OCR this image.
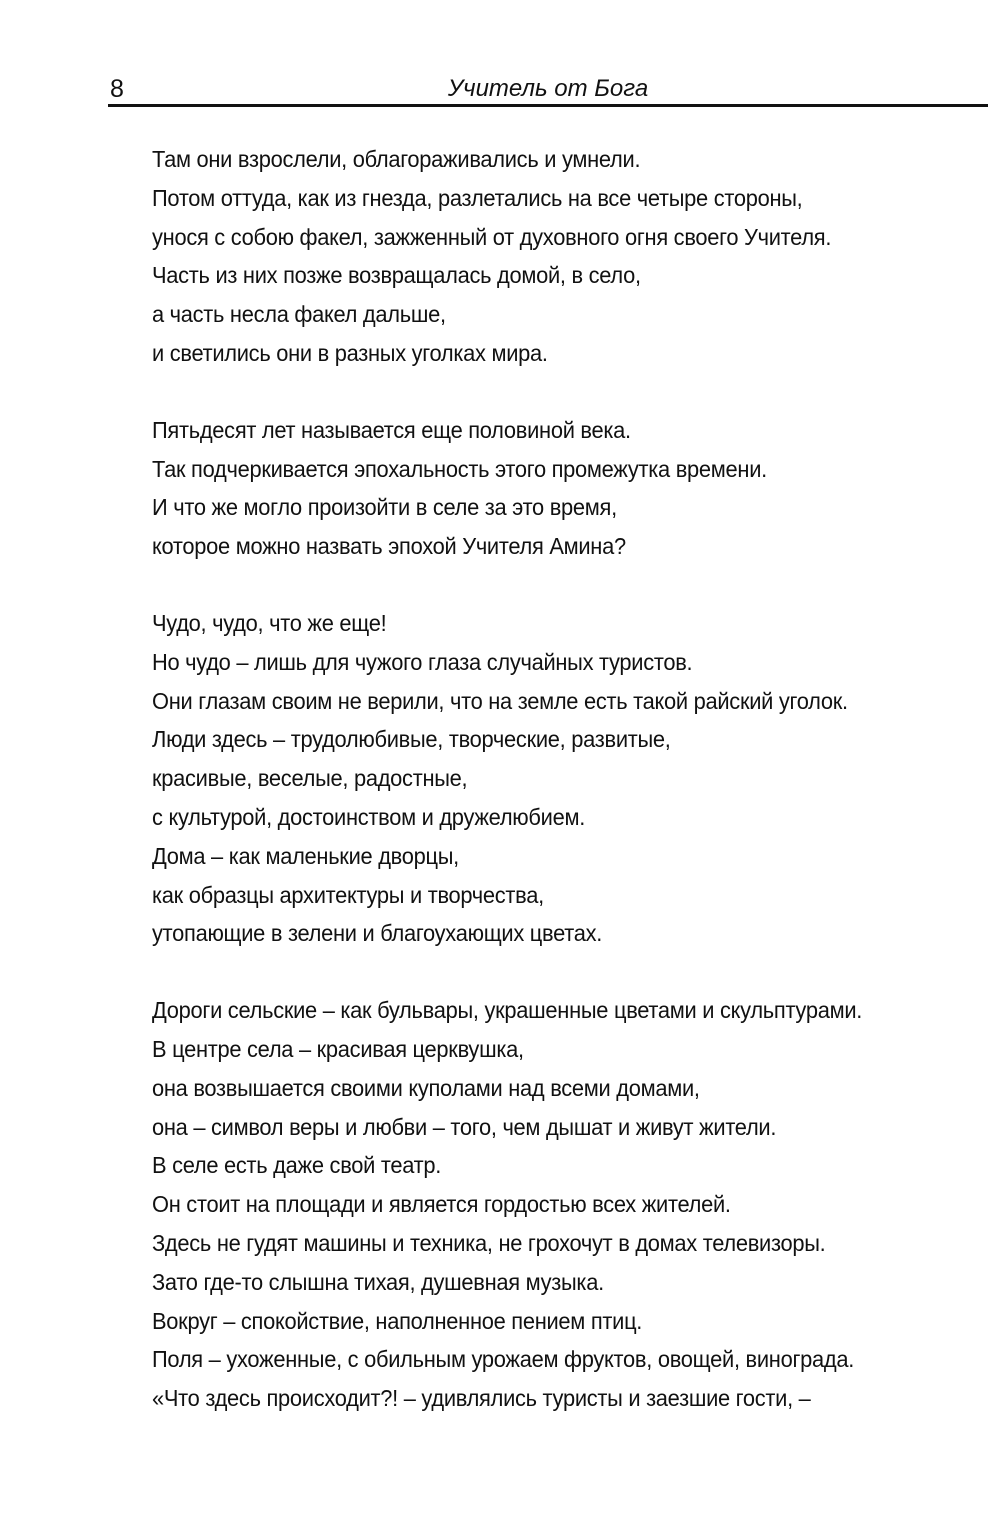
8	Учитель от Бога
Там они взрослели, облагораживались и умнели.
Потом оттуда, как из гнезда, разлетались на все четыре стороны,
унося с собою факел, зажженный от духовного огня своего Учителя.
Часть из них позже возвращалась домой, в село,
а часть несла факел дальше,
и светились они в разных уголках мира.
Пятьдесят лет называется еще половиной века.
Так подчеркивается эпохальность этого промежутка времени.
И что же могло произойти в селе за это время,
которое можно назвать эпохой Учителя Амина?
Чудо, чудо, что же еще!
Но чудо – лишь для чужого глаза случайных туристов.
Они глазам своим не верили, что на земле есть такой райский уголок.
Люди здесь – трудолюбивые, творческие, развитые,
красивые, веселые, радостные,
с культурой, достоинством и дружелюбием.
Дома – как маленькие дворцы,
как образцы архитектуры и творчества,
утопающие в зелени и благоухающих цветах.
Дороги сельские – как бульвары, украшенные цветами и скульптурами.
В центре села – красивая церквушка,
она возвышается своими куполами над всеми домами,
она – символ веры и любви – того, чем дышат и живут жители.
В селе есть даже свой театр.
Он стоит на площади и является гордостью всех жителей.
Здесь не гудят машины и техника, не грохочут в домах телевизоры.
Зато где-то слышна тихая, душевная музыка.
Вокруг – спокойствие, наполненное пением птиц.
Поля – ухоженные, с обильным урожаем фруктов, овощей, винограда.
«Что здесь происходит?! – удивлялись туристы и заезшие гости, –
